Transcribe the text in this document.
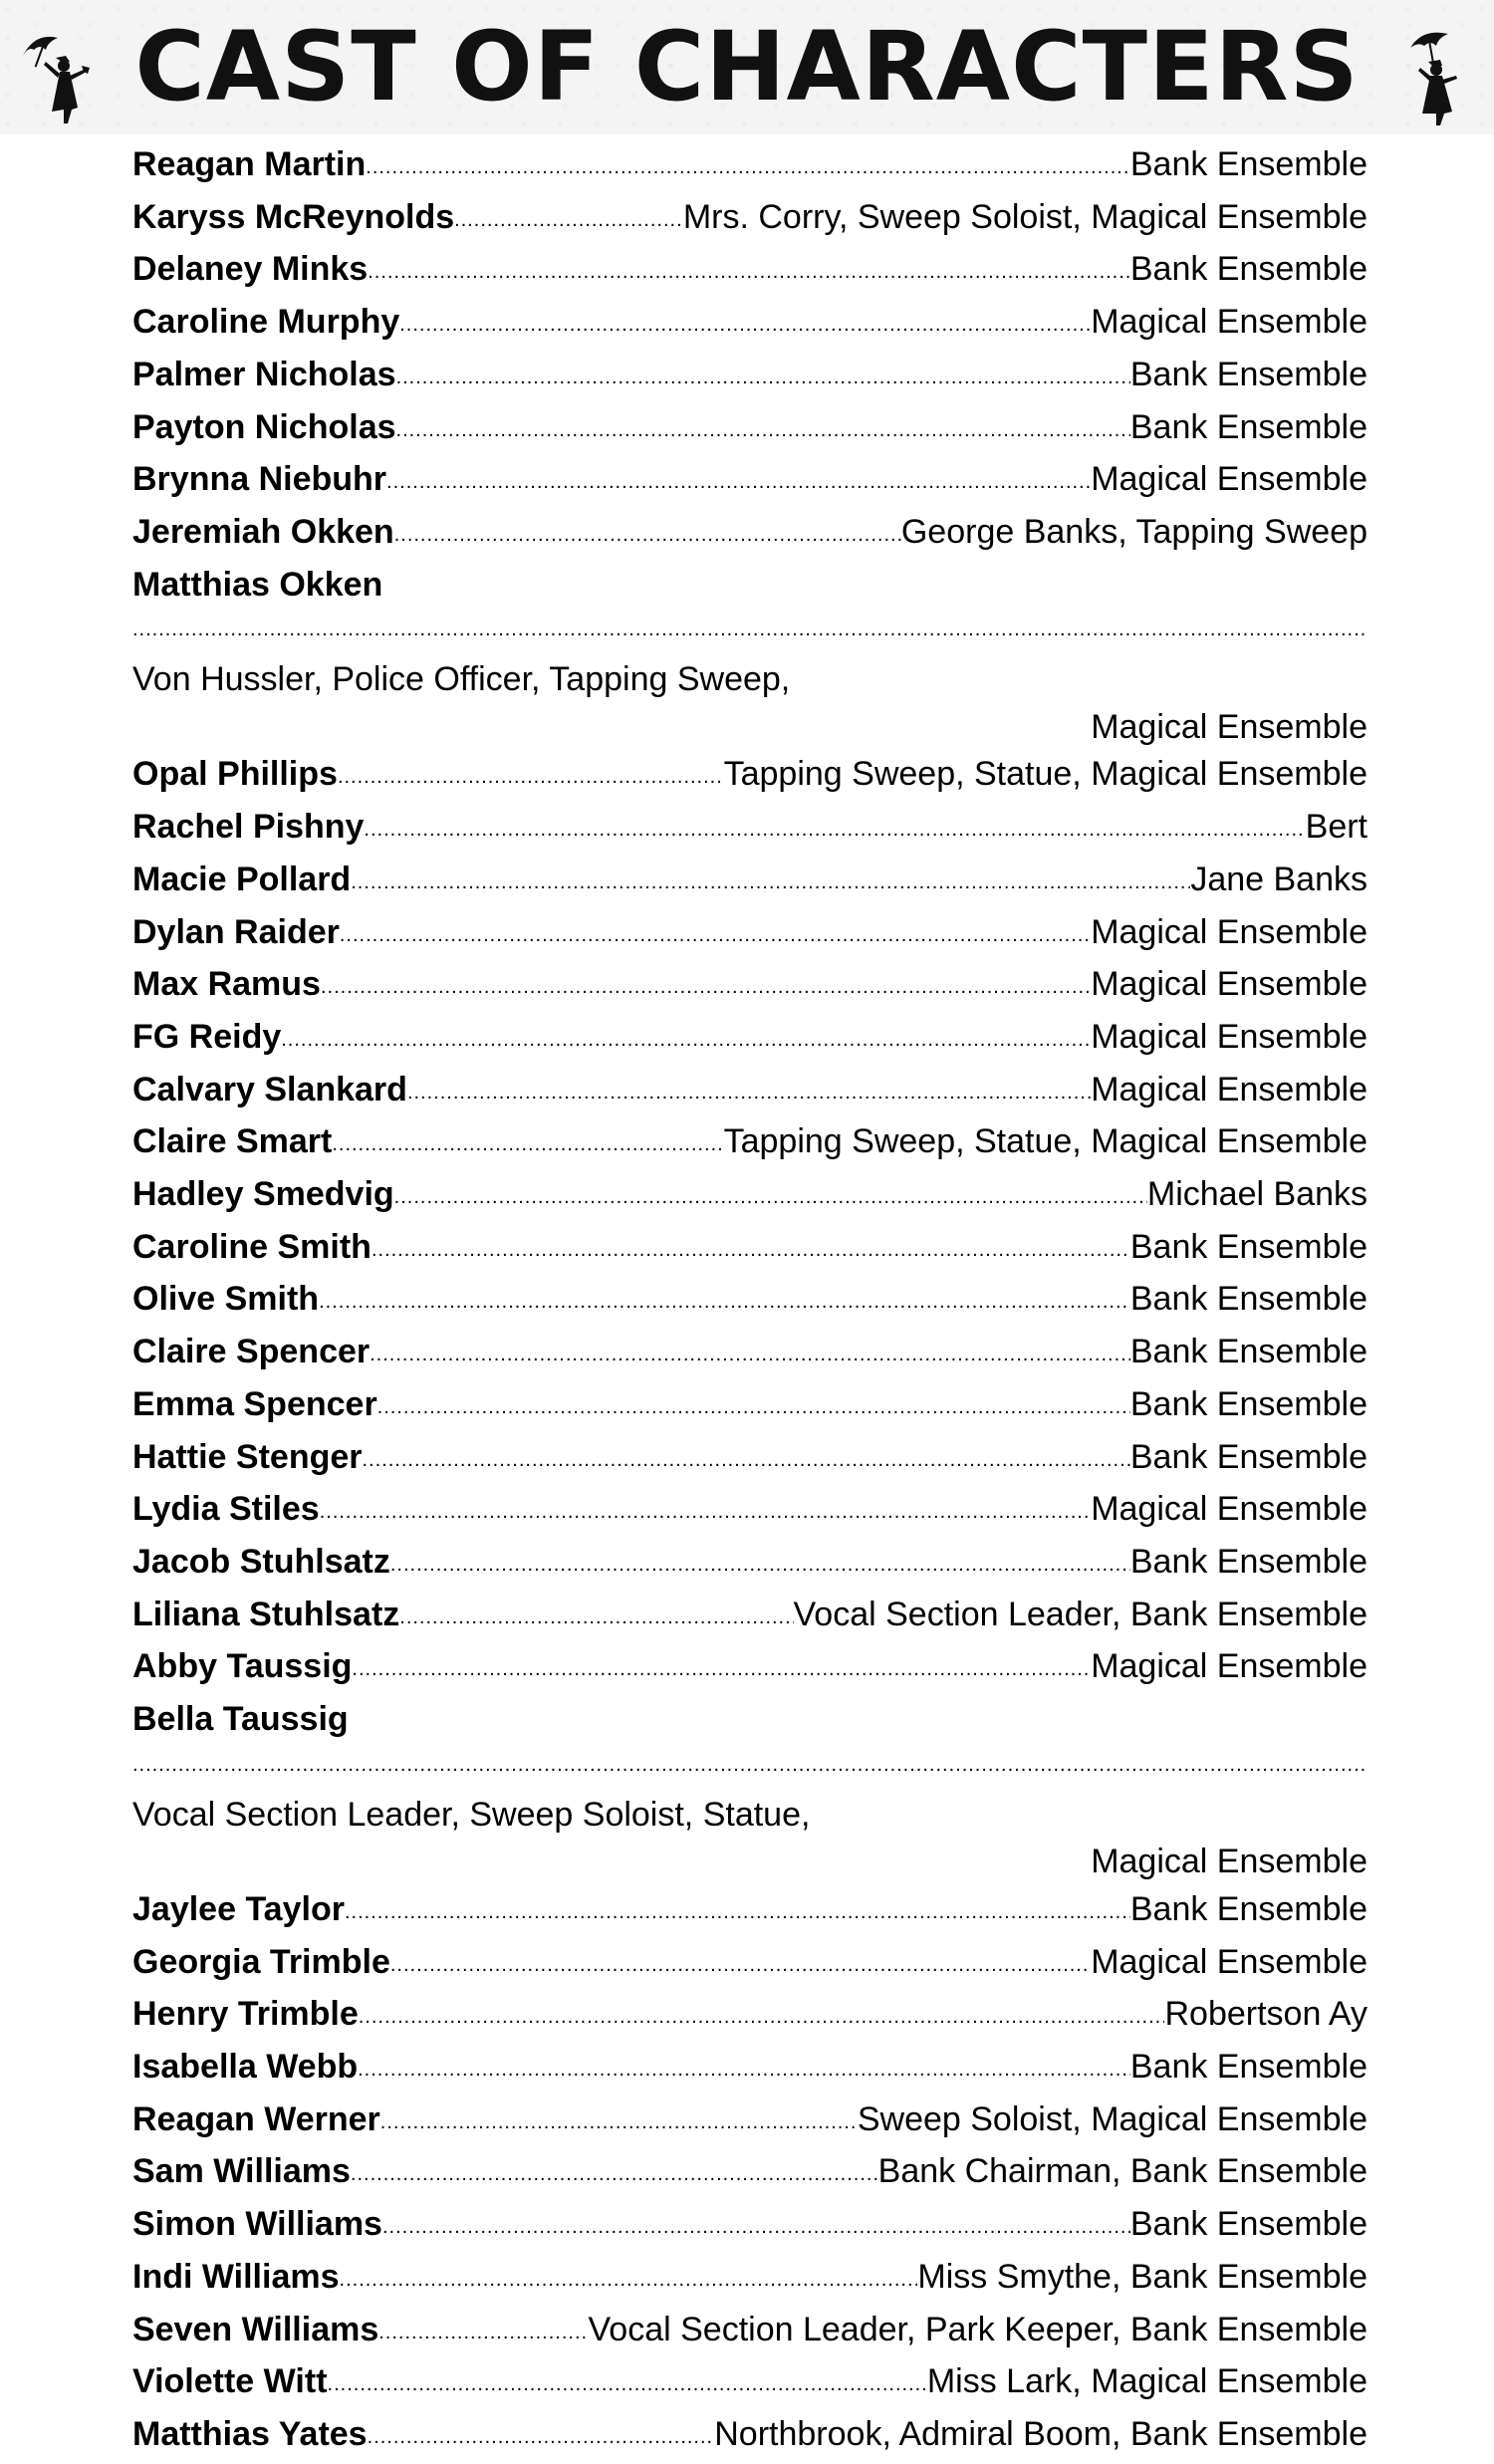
CAST OF CHARACTERS
Reagan Martin .....	Bank Ensemble
Karyss McReynolds .....	Mrs. Corry, Sweep Soloist, Magical Ensemble
Delaney Minks .....	Bank Ensemble
Caroline Murphy .....	Magical Ensemble
Palmer Nicholas .....	Bank Ensemble
Payton Nicholas .....	Bank Ensemble
Brynna Niebuhr .....	Magical Ensemble
Jeremiah Okken .....	George Banks, Tapping Sweep
Matthias Okken
.....
Von Hussler, Police Officer, Tapping Sweep,
Magical Ensemble
Opal Phillips .....	Tapping Sweep, Statue, Magical Ensemble
Rachel Pishny .....	Bert
Macie Pollard .....	Jane Banks
Dylan Raider .....	Magical Ensemble
Max Ramus .....	Magical Ensemble
FG Reidy .....	Magical Ensemble
Calvary Slankard .....	Magical Ensemble
Claire Smart .....	Tapping Sweep, Statue, Magical Ensemble
Hadley Smedvig .....	Michael Banks
Caroline Smith .....	Bank Ensemble
Olive Smith .....	Bank Ensemble
Claire Spencer .....	Bank Ensemble
Emma Spencer .....	Bank Ensemble
Hattie Stenger .....	Bank Ensemble
Lydia Stiles .....	Magical Ensemble
Jacob Stuhlsatz .....	Bank Ensemble
Liliana Stuhlsatz .....	Vocal Section Leader, Bank Ensemble
Abby Taussig .....	Magical Ensemble
Bella Taussig
.....
Vocal Section Leader, Sweep Soloist, Statue,
Magical Ensemble
Jaylee Taylor .....	Bank Ensemble
Georgia Trimble .....	Magical Ensemble
Henry Trimble .....	Robertson Ay
Isabella Webb .....	Bank Ensemble
Reagan Werner .....	Sweep Soloist, Magical Ensemble
Sam Williams .....	Bank Chairman, Bank Ensemble
Simon Williams .....	Bank Ensemble
Indi Williams .....	Miss Smythe, Bank Ensemble
Seven Williams .....	Vocal Section Leader, Park Keeper, Bank Ensemble
Violette Witt .....	Miss Lark, Magical Ensemble
Matthias Yates .....	Northbrook, Admiral Boom, Bank Ensemble
